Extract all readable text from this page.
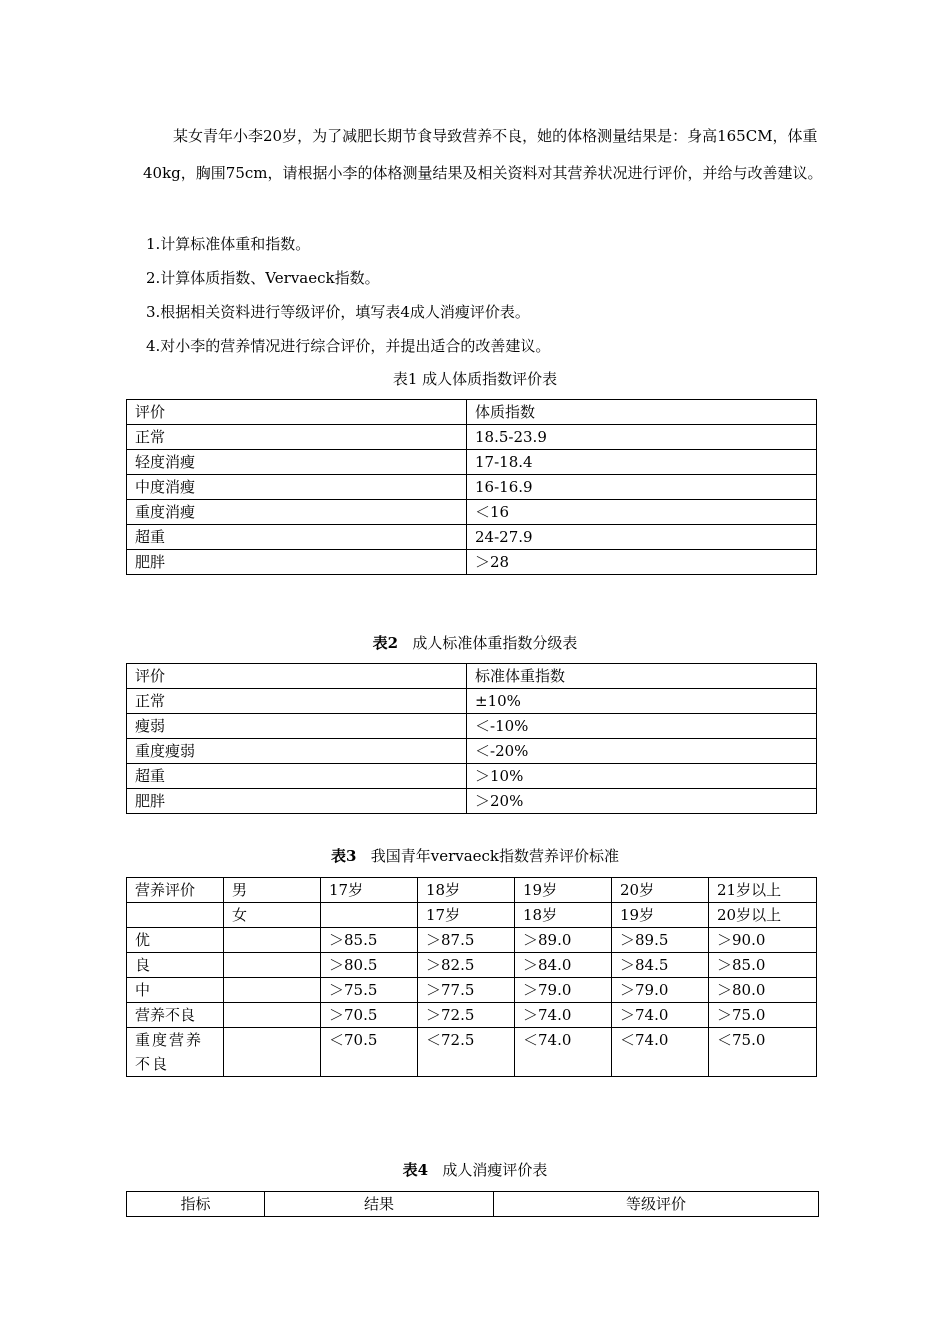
某女青年小李20岁，为了减肥长期节食导致营养不良，她的体格测量结果是：身高165CM，体重40kg，胸围75cm，请根据小李的体格测量结果及相关资料对其营养状况进行评价，并给与改善建议。

1.计算标准体重和指数。

2.计算体质指数、Vervaeck指数。

3.根据相关资料进行等级评价，填写表4成人消瘦评价表。

4.对小李的营养情况进行综合评价，并提出适合的改善建议。

表1 成人体质指数评价表

评价	体质指数
正常	18.5-23.9
轻度消瘦	17-18.4
中度消瘦	16-16.9
重度消瘦	＜16
超重	24-27.9
肥胖	＞28

表2 成人标准体重指数分级表

评价	标准体重指数
正常	±10%
瘦弱	＜-10%
重度瘦弱	＜-20%
超重	＞10%
肥胖	＞20%

表3 我国青年vervaeck指数营养评价标准

营养评价	男	17岁	18岁	19岁	20岁	21岁以上
	女		17岁	18岁	19岁	20岁以上
优		＞85.5	＞87.5	＞89.0	＞89.5	＞90.0
良		＞80.5	＞82.5	＞84.0	＞84.5	＞85.0
中		＞75.5	＞77.5	＞79.0	＞79.0	＞80.0
营养不良		＞70.5	＞72.5	＞74.0	＞74.0	＞75.0
重度营养不良		＜70.5	＜72.5	＜74.0	＜74.0	＜75.0

表4 成人消瘦评价表

指标	结果	等级评价
